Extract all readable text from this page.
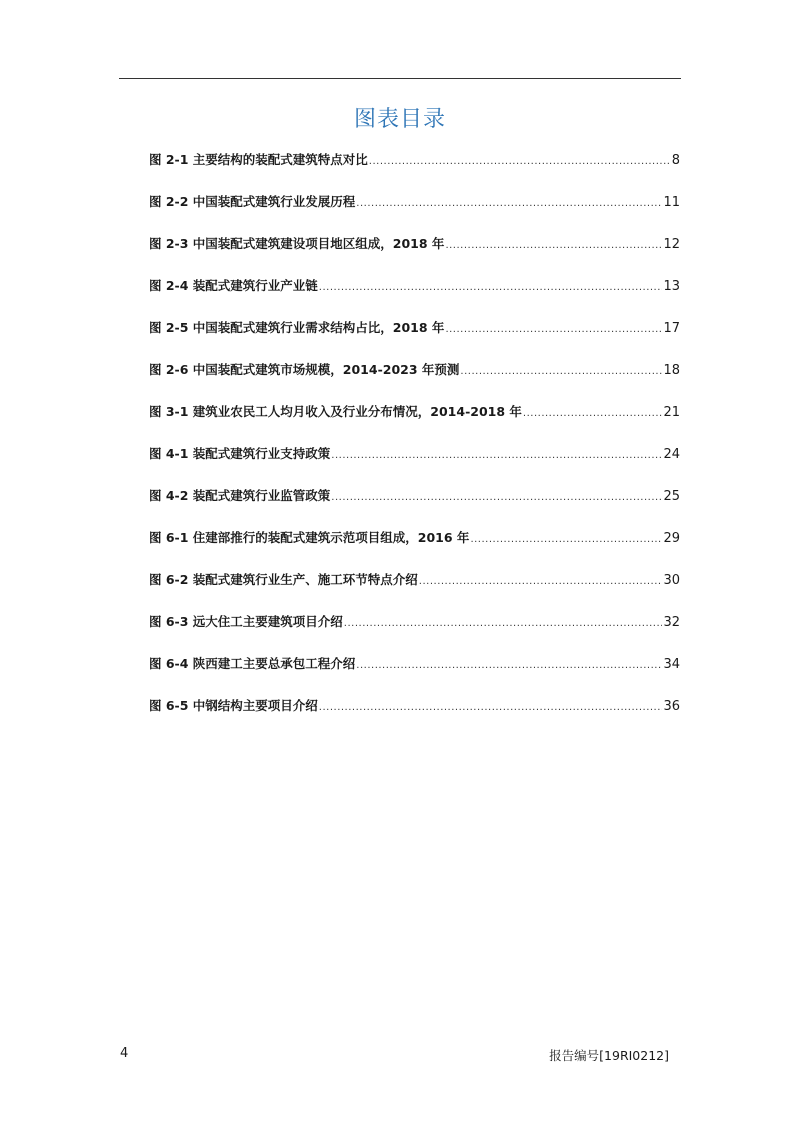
图表目录
图 2-1 主要结构的装配式建筑特点对比 .....	8
图 2-2 中国装配式建筑行业发展历程 .....	11
图 2-3 中国装配式建筑建设项目地区组成，2018 年 .....	12
图 2-4 装配式建筑行业产业链 .....	13
图 2-5 中国装配式建筑行业需求结构占比，2018 年 .....	17
图 2-6 中国装配式建筑市场规模，2014-2023 年预测 .....	18
图 3-1 建筑业农民工人均月收入及行业分布情况，2014-2018 年 .....	21
图 4-1 装配式建筑行业支持政策 .....	24
图 4-2 装配式建筑行业监管政策 .....	25
图 6-1 住建部推行的装配式建筑示范项目组成，2016 年 .....	29
图 6-2 装配式建筑行业生产、施工环节特点介绍 .....	30
图 6-3 远大住工主要建筑项目介绍 .....	32
图 6-4 陕西建工主要总承包工程介绍 .....	34
图 6-5 中钢结构主要项目介绍 .....	36
4	报告编号[19RI0212]
